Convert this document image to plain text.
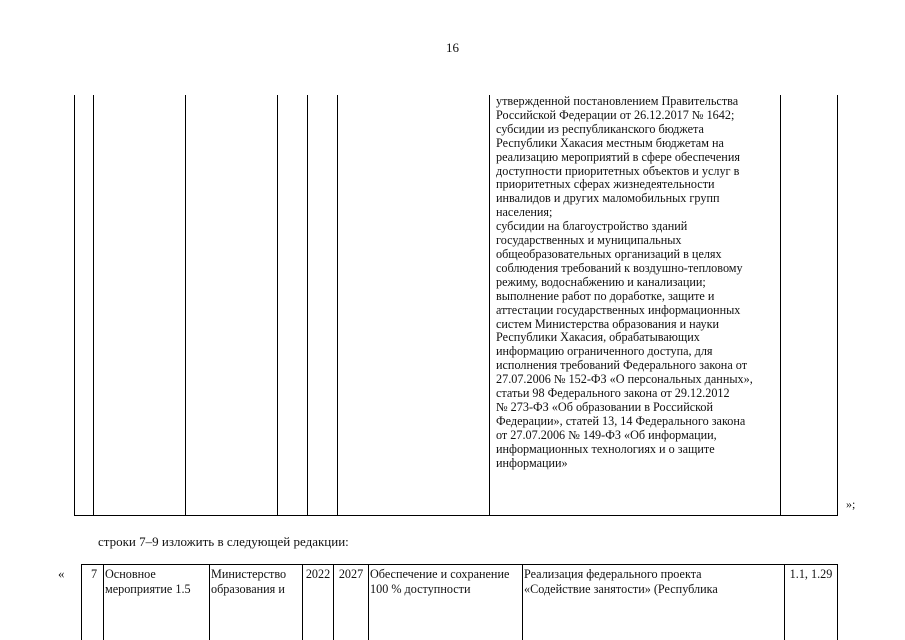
16
утвержденной постановлением Правительства
Российской Федерации от 26.12.2017 № 1642;
субсидии из республиканского бюджета
Республики Хакасия местным бюджетам на
реализацию мероприятий в сфере обеспечения
доступности приоритетных объектов и услуг в
приоритетных сферах жизнедеятельности
инвалидов и других маломобильных групп
населения;
субсидии на благоустройство зданий
государственных и муниципальных
общеобразовательных организаций в целях
соблюдения требований к воздушно-тепловому
режиму, водоснабжению и канализации;
выполнение работ по доработке, защите и
аттестации государственных информационных
систем Министерства образования и науки
Республики Хакасия, обрабатывающих
информацию ограниченного доступа, для
исполнения требований Федерального закона от
27.07.2006 № 152-ФЗ «О персональных данных»,
статьи 98 Федерального закона от 29.12.2012
№ 273-ФЗ «Об образовании в Российской
Федерации», статей 13, 14 Федерального закона
от 27.07.2006 № 149-ФЗ «Об информации,
информационных технологиях и о защите
информации»
»;
строки 7–9 изложить в следующей редакции:
«	7 Основное
мероприятие 1.5
Министерство
образования и
2022 2027 Обеспечение и сохранение
100 % доступности
Реализация федерального проекта
«Содействие занятости» (Республика
1.1, 1.29
